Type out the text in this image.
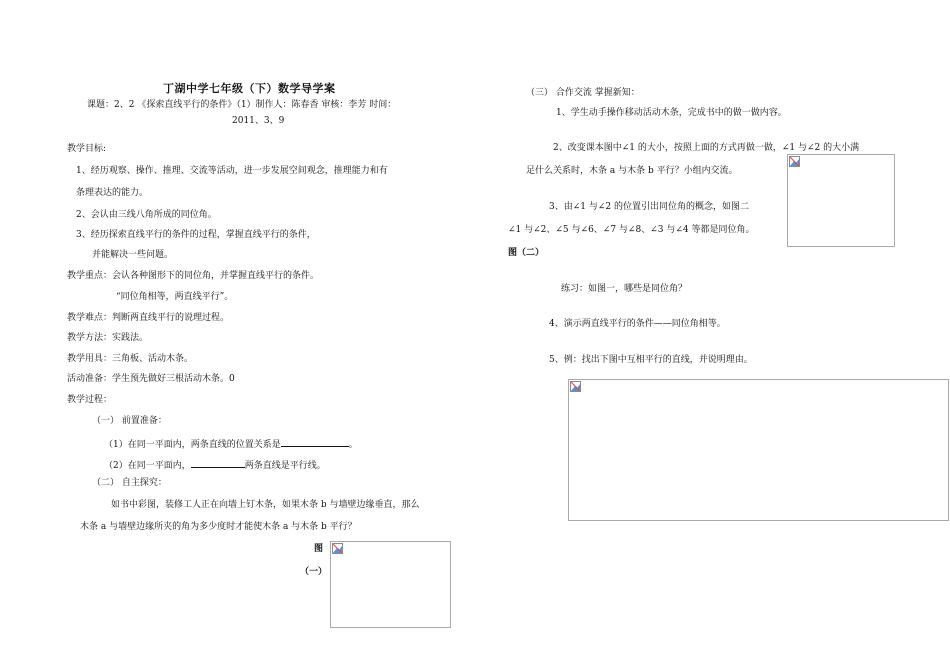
丁湖中学七年级（下）数学导学案
课题：2、2 《探索直线平行的条件》（1）制作人：陈春香 审核：李芳 时间：
2011、3、9
教学目标:
1、经历观察、操作、推理、交流等活动，进一步发展空间观念，推理能力和有
条理表达的能力。
2、会认由三线八角所成的同位角。
3、经历探索直线平行的条件的过程，掌握直线平行的条件，
并能解决一些问题。
教学重点：会认各种图形下的同位角，并掌握直线平行的条件。
“同位角相等，两直线平行”。
教学难点：判断两直线平行的说理过程。
教学方法：实践法。
教学用具：三角板、活动木条。
活动准备：学生预先做好三根活动木条。0
教学过程：
（一） 前置准备：
（1）在同一平面内，两条直线的位置关系是	。
（2）在同一平面内，	两条直线是平行线。
（二） 自主探究：
如书中彩图，装修工人正在向墙上钉木条，如果木条 b 与墙壁边缘垂直，那么
木条 a 与墙壁边缘所夹的角为多少度时才能使木条 a 与木条 b 平行？
图
（一）
（三） 合作交流 掌握新知：
1、学生动手操作移动活动木条，完成书中的做一做内容。
2、改变课本图中∠1 的大小，按照上面的方式再做一做，∠1 与∠2 的大小满
足什么关系时，木条 a 与木条 b 平行？小组内交流。
3、由∠1 与∠2 的位置引出同位角的概念，如图二
∠1 与∠2、∠5 与∠6、∠7 与∠8、∠3 与∠4 等都是同位角。
图（二）
练习：如图一，哪些是同位角？
4、演示两直线平行的条件——同位角相等。
5、例：找出下图中互相平行的直线，并说明理由。
